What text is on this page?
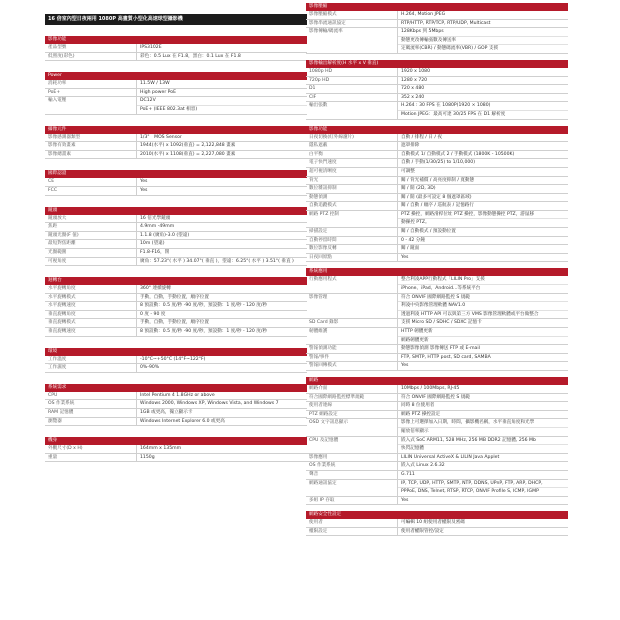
16 倍室內型日夜兩用 1080P 高畫質小型化高速球型攝影機
影像功能
產品型號	IPS3102E
低照度(彩色)	彩色：0.5 Lux 在 F1.8，黑白：0.1 Lux 在 F1.8
Power
消耗功率	11.5W / 13W
PoE+	High power PoE
輸入電壓	DC12V
PoE+ (IEEE 802.3at 相容)
攝像元件
影像感測器類型	1/3"　MOS Sensor
影像有效畫素	1944(水平) x 1092(垂直) = 2,122,848 畫素
影像總畫素	2010(水平) x 1108(垂直) = 2,227,080 畫素
國際認證
CE	Yes
FCC	Yes
鏡頭
鏡頭放大	16 倍光學鏡頭
焦距	4.9mm -49mm
鏡頭光圈(F 值)	1.1.8 (廣角)-3.0 (望遠)
最短對焦距離	10m (望遠)
光圈範圍	F1.8-F16，閉
可視角度	廣角：57.23°( 水平 ) 34.07°( 垂直 )，望遠：6.25°( 水平 ) 3.51°( 垂直 )
迴轉台
水平旋轉角度	360° 連續旋轉
水平旋轉模式	手動，自動，手動位置，順序位置
水平旋轉速度	8 預設動：0.5 度/秒 -90 度/秒，預設動：1 度/秒 - 120 度/秒
垂直旋轉角度	0 度 - 90 度
垂直旋轉模式	手動，自動，手動位置，順序位置
垂直旋轉速度	8 預設動：0.5 度/秒 -90 度/秒，預設動：1 度/秒 - 120 度/秒
環境
工作溫度	-10°C~+50°C (14°F~122°F)
工作濕度	0%-90%
系統需求
CPU	Intel Pentium 4 1.8GHz or above
OS 作業系統	Windows 2000, Windows XP, Windows Vista, and Windows 7
RAM 記憶體	1GB 或更高，獨立顯示卡
瀏覽器	Windows Internet Explorer 6.0 或更高
機身
外觀尺寸(D x H)	164mm x 135mm
重量	1150g
影像壓縮
影像壓縮模式	H.264, Motion JPEG
影像串流通訊協定	RTP/HTTP, RTP/TCP, RTP/UDP, Multicast
影像傳輸/碼流率	128Kbps 到 5Mbps
動態更改傳輸張數及傳送率
定碼流率(CBR) / 動態碼流率(VBR) / GOP 支援
影像輸出解析度(H 水平 x V 垂直)
1080p HD	1920 x 1080
720p HD	1280 x 720
D1	720 x 480
CIF	352 x 240
輸出張數	H.264 : 30 FPS 在 1080P(1920 × 1080)
Motion JPEG：最高可達 30/25 FPS 在 D1 解析度
影像功能
日夜切換(紅外線濾片)	自動 / 排程 / 日 / 夜
隱私遮蔽	遮罩排除
白平衡	自動模式 1/ 自動模式 2 / 手動模式 (1800K - 10500K)
電子快門速度	自動 / 手動(1/30/25) to 1/10,000)
超可視清晰度	可調整
背光	關 / 背光補償 / 高亮度抑制 / 寬動態
數位雜訊抑制	關 / 開 (2D, 3D)
動態偵測	關 / 開 (最多可設定 8 個遮罩區域)
自動追蹤模式	關 / 自動 / 順序 / 巡航表 / 記憶路行
網路 PTZ 控制	PTZ 操控，網路滑桿位址 PTZ 操控，影像動態操控 PTZ，游鼠移
動操控 PTZ。
掃描設定	關 / 自動模式 / 預設動位置
自動停留時間	0 - 42 分鐘
數位影像反轉	關 / 鏡面
日夜回原點	Yes
系統應用
行動應用程式	整合利凌APP行動程式「LILIN Pro」支援
iPhone、iPad、Android...等系統平台
影像管理	符合 ONVIF 國際網路監控 S 規範
利凌中央影像管理軟體 NAV1.0
透過利凌 HTTP API 可以與第三方 VMS 影像管理軟體或平台做整合
SD Card 錄影	支援 Micro SD / SDHC / SDXC 記憶卡
韌體維護	HTTP 韌體更新
網路韌體更新
警報偵測功能	動態影像偵測 影像傳送 FTP 或 E-mail
警報/事件	FTP, SMTP, HTTP post, SD card, SAMBA
警報回傳模式	Yes
網路
網路介面	10Mbps / 100Mbps, RJ-45
符合國際網路監控標準規範	符合 ONVIF 國際網路監控 S 規範
使用者連線	同時 8 位使用者
PTZ 網路設定	網路 PTZ 操控設定
OSD 文字訊息顯示	影像上可選擇加入日期，時間，攝影機名稱，水平垂直角度和光學
縮放倍率顯示
CPU 及記憶體	嵌入式 SoC ARM11, 528 MHz, 256 MB DDR2 記憶體, 256 Mb
快閃記憶體
影像應用	LILIN Universal ActiveX & LILIN Java Applet
OS 作業系統	嵌入式 Linux 2.6.32
聲音	G.711
網路通訊協定	IP, TCP, UDP, HTTP, SMTP, NTP, DDNS, UPnP, FTP, ARP, DHCP,
PPPoE, DNS, Telnet, RTSP, RTCP, ONVIF Profile S, ICMP, IGMP
多組 IP 存取	Yes
網路安全性設定
使用者	可編輯 10 組使用者權限及密碼
權限設定	使用者權限管控/設定
